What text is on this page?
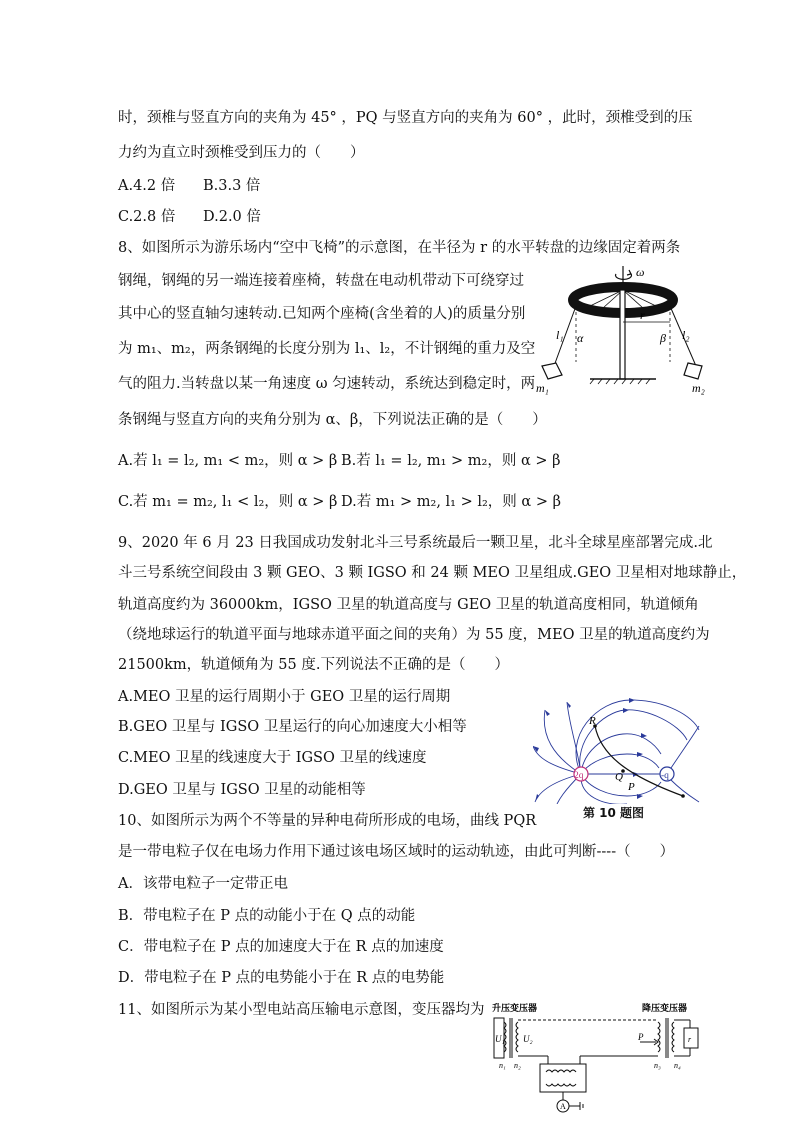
时，颈椎与竖直方向的夹角为 45° ，PQ 与竖直方向的夹角为 60° ，此时，颈椎受到的压
力约为直立时颈椎受到压力的（　　）
A.4.2 倍 B.3.3 倍
C.2.8 倍 D.2.0 倍
8、如图所示为游乐场内“空中飞椅”的示意图，在半径为 r 的水平转盘的边缘固定着两条
钢绳，钢绳的另一端连接着座椅，转盘在电动机带动下可绕穿过
其中心的竖直轴匀速转动.已知两个座椅(含坐着的人)的质量分别
为 m₁、m₂，两条钢绳的长度分别为 l₁、l₂，不计钢绳的重力及空
气的阻力.当转盘以某一角速度 ω 匀速转动，系统达到稳定时，两
条钢绳与竖直方向的夹角分别为 α、β，下列说法正确的是（　　）
A.若 l₁ = l₂, m₁ < m₂，则 α > β B.若 l₁ = l₂, m₁ > m₂，则 α > β
C.若 m₁ = m₂, l₁ < l₂，则 α > β D.若 m₁ > m₂, l₁ > l₂，则 α > β
ω
r
l₁ α	β l₂
m₁	m₂
9、2020 年 6 月 23 日我国成功发射北斗三号系统最后一颗卫星，北斗全球星座部署完成.北
斗三号系统空间段由 3 颗 GEO、3 颗 IGSO 和 24 颗 MEO 卫星组成.GEO 卫星相对地球静止，
轨道高度约为 36000km，IGSO 卫星的轨道高度与 GEO 卫星的轨道高度相同，轨道倾角
（绕地球运行的轨道平面与地球赤道平面之间的夹角）为 55 度，MEO 卫星的轨道高度约为
21500km，轨道倾角为 55 度.下列说法不正确的是（　　）
A.MEO 卫星的运行周期小于 GEO 卫星的运行周期
B.GEO 卫星与 IGSO 卫星运行的向心加速度大小相等
C.MEO 卫星的线速度大于 IGSO 卫星的线速度
D.GEO 卫星与 IGSO 卫星的动能相等
R
Q
P
2q	-q
第 10 题图
10、如图所示为两个不等量的异种电荷所形成的电场，曲线 PQR
是一带电粒子仅在电场力作用下通过该电场区域时的运动轨迹，由此可判断----（　　）
A．该带电粒子一定带正电
B．带电粒子在 P 点的动能小于在 Q 点的动能
C．带电粒子在 P 点的加速度大于在 R 点的加速度
D．带电粒子在 P 点的电势能小于在 R 点的电势能
11、如图所示为某小型电站高压输电示意图，变压器均为 升压变压器	降压变压器
U₁ U₂
n₁ n₂
A
P
n₃ n₄
r
